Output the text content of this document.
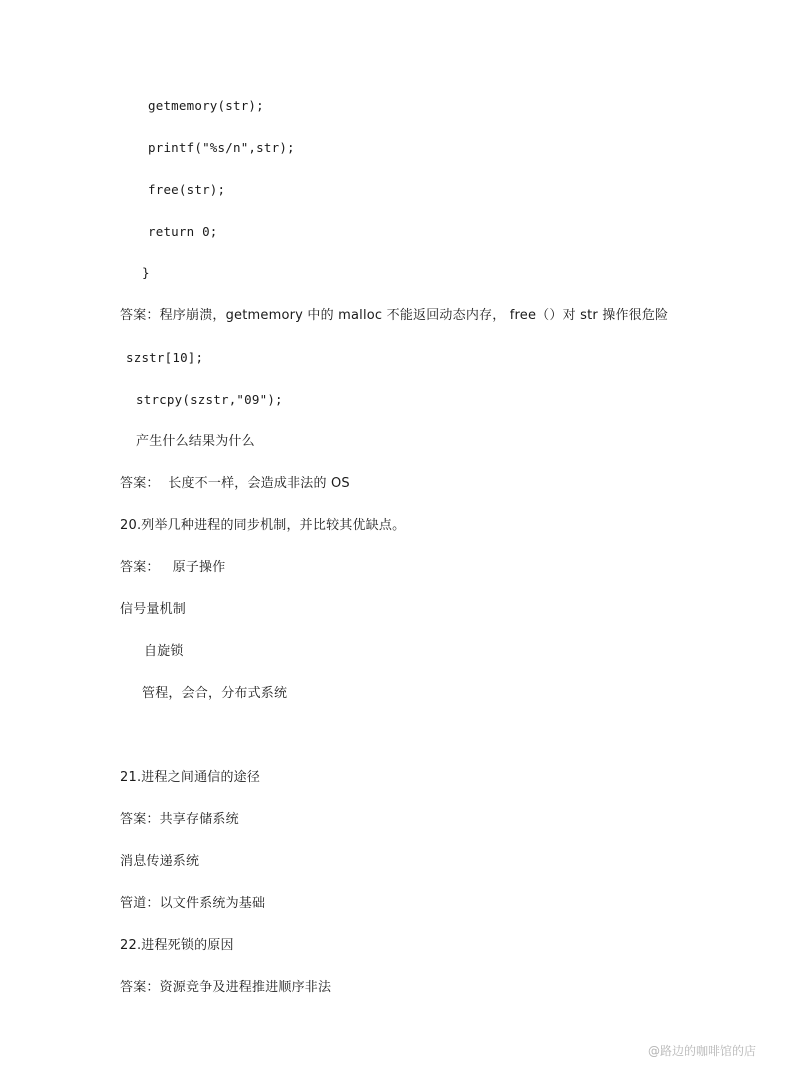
getmemory(str);
printf("%s/n",str);
free(str);
return 0;
}
答案：程序崩溃，getmemory 中的 malloc 不能返回动态内存， free（）对 str 操作很危险
szstr[10];
strcpy(szstr,"09");
产生什么结果为什么
答案：  长度不一样，会造成非法的 OS
20.列举几种进程的同步机制，并比较其优缺点。
答案：   原子操作
信号量机制
自旋锁
管程，会合，分布式系统
21.进程之间通信的途径
答案：共享存储系统
消息传递系统
管道：以文件系统为基础
22.进程死锁的原因
答案：资源竞争及进程推进顺序非法
@路边的咖啡馆的店
